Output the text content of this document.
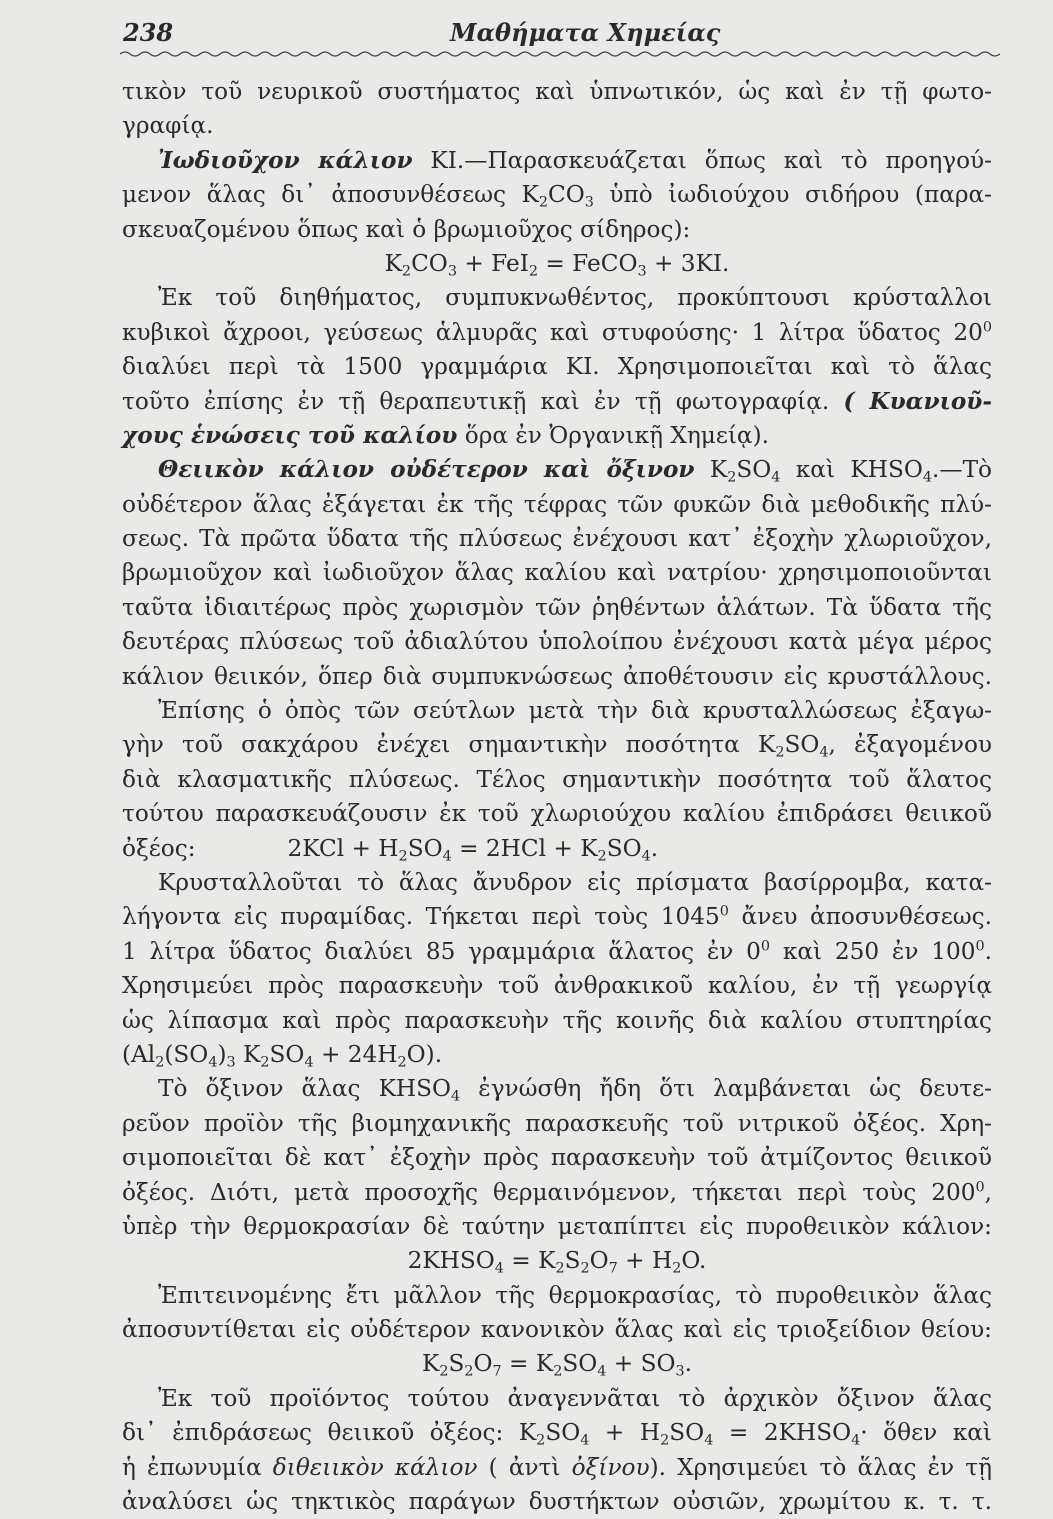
238	Μαθήματα Χημείας
τικὸν τοῦ νευρικοῦ συστήματος καὶ ὑπνωτικόν, ὡς καὶ ἐν τῇ φωτο-
γραφίᾳ.
Ἰωδιοῦχον κάλιον KI.—Παρασκευάζεται ὅπως καὶ τὸ προηγού-
μενον ἅλας δι᾽ ἀποσυνθέσεως $K_2CO_3$ ὑπὸ ἰωδιούχου σιδήρου (παρα-
σκευαζομένου ὅπως καὶ ὁ βρωμιοῦχος σίδηρος):
$K_2CO_3 + FeI_2$ = FeCO$_3$ + 3KI.
Ἐκ τοῦ διηθήματος, συμπυκνωθέντος, προκύπτουσι κρύσταλλοι
κυβικοὶ ἄχροοι, γεύσεως ἁλμυρᾶς καὶ στυφούσης· 1 λίτρα ὕδατος $20^0$
διαλύει περὶ τὰ 1500 γραμμάρια KI. Χρησιμοποιεῖται καὶ τὸ ἅλας
τοῦτο ἐπίσης ἐν τῇ θεραπευτικῇ καὶ ἐν τῇ φωτογραφίᾳ. ( Κυανιοῦ-
χους ἑνώσεις τοῦ καλίου ὅρα ἐν Ὀργανικῇ Χημείᾳ).
Θειικὸν κάλιον οὐδέτερον καὶ ὄξινον $K_2SO_4$ καὶ $KHSO_4.—Tὸ$
οὐδέτερον ἅλας ἐξάγεται ἐκ τῆς τέφρας τῶν φυκῶν διὰ μεθοδικῆς πλύ-
σεως. Τὰ πρῶτα ὕδατα τῆς πλύσεως ἐνέχουσι κατ᾽ ἐξοχὴν χλωριοῦχον,
βρωμιοῦχον καὶ ἰωδιοῦχον ἅλας καλίου καὶ νατρίου· χρησιμοποιοῦνται
ταῦτα ἰδιαιτέρως πρὸς χωρισμὸν τῶν ῥηθέντων ἁλάτων. Τὰ ὕδατα τῆς
δευτέρας πλύσεως τοῦ ἀδιαλύτου ὑπολοίπου ἐνέχουσι κατὰ μέγα μέρος
κάλιον θειικόν, ὅπερ διὰ συμπυκνώσεως ἀποθέτουσιν εἰς κρυστάλλους.
Ἐπίσης ὁ ὀπὸς τῶν σεύτλων μετὰ τὴν διὰ κρυσταλλώσεως ἐξαγω-
γὴν τοῦ σακχάρου ἐνέχει σημαντικὴν ποσότητα $K_2SO_4$, ἐξαγομένου
διὰ κλασματικῆς πλύσεως. Τέλος σημαντικὴν ποσότητα τοῦ ἅλατος
τούτου παρασκευάζουσιν ἐκ τοῦ χλωριούχου καλίου ἐπιδράσει θειικοῦ
ὀξέος:	$2KCl + H_2SO_4 = 2HCl + K_2SO_4$.
Κρυσταλλοῦται τὸ ἅλας ἄνυδρον εἰς πρίσματα βασίρρομβα, κατα-
λήγοντα εἰς πυραμίδας. Τήκεται περὶ τοὺς 1045$^0$ ἄνευ ἀποσυνθέσεως.
1 λίτρα ὕδατος διαλύει 85 γραμμάρια ἅλατος ἐν $0^0$ καὶ 250 ἐν $100^0$.
Χρησιμεύει πρὸς παρασκευὴν τοῦ ἀνθρακικοῦ καλίου, ἐν τῇ γεωργίᾳ
ὡς λίπασμα καὶ πρὸς παρασκευὴν τῆς κοινῆς διὰ καλίου στυπτηρίας
($Al_2(SO_4)_3$ $K_2SO_4 + 24H_2O$).
Τὸ ὄξινον ἅλας $KHSO_4$ ἐγνώσθη ἤδη ὅτι λαμβάνεται ὡς δευτε-
ρεῦον προϊὸν τῆς βιομηχανικῆς παρασκευῆς τοῦ νιτρικοῦ ὀξέος. Χρη-
σιμοποιεῖται δὲ κατ᾽ ἐξοχὴν πρὸς παρασκευὴν τοῦ ἀτμίζοντος θειικοῦ
ὀξέος. Διότι, μετὰ προσοχῆς θερμαινόμενον, τήκεται περὶ τοὺς $200^0$,
ὑπὲρ τὴν θερμοκρασίαν δὲ ταύτην μεταπίπτει εἰς πυροθειικὸν κάλιον:
$2KHSO_4 = K_2S_2O_7 + H_2O$.
Ἐπιτεινομένης ἔτι μᾶλλον τῆς θερμοκρασίας, τὸ πυροθειικὸν ἅλας
ἀποσυντίθεται εἰς οὐδέτερον κανονικὸν ἅλας καὶ εἰς τριοξείδιον θείου:
$K_2S_2O_7 = K_2SO_4 + SO_3$.
Ἐκ τοῦ προϊόντος τούτου ἀναγεννᾶται τὸ ἀρχικὸν ὄξινον ἅλας
δι᾽ ἐπιδράσεως θειικοῦ ὀξέος: $K_2SO_4 + H_2SO_4$ = $2KHSO_4\cdot$ ὅθεν καὶ
ἡ ἐπωνυμία διθειικὸν κάλιον ( ἀντὶ ὀξίνου). Χρησιμεύει τὸ ἅλας ἐν τῇ
ἀναλύσει ὡς τηκτικὸς παράγων δυστήκτων οὐσιῶν, χρωμίτου κ. τ. τ.
